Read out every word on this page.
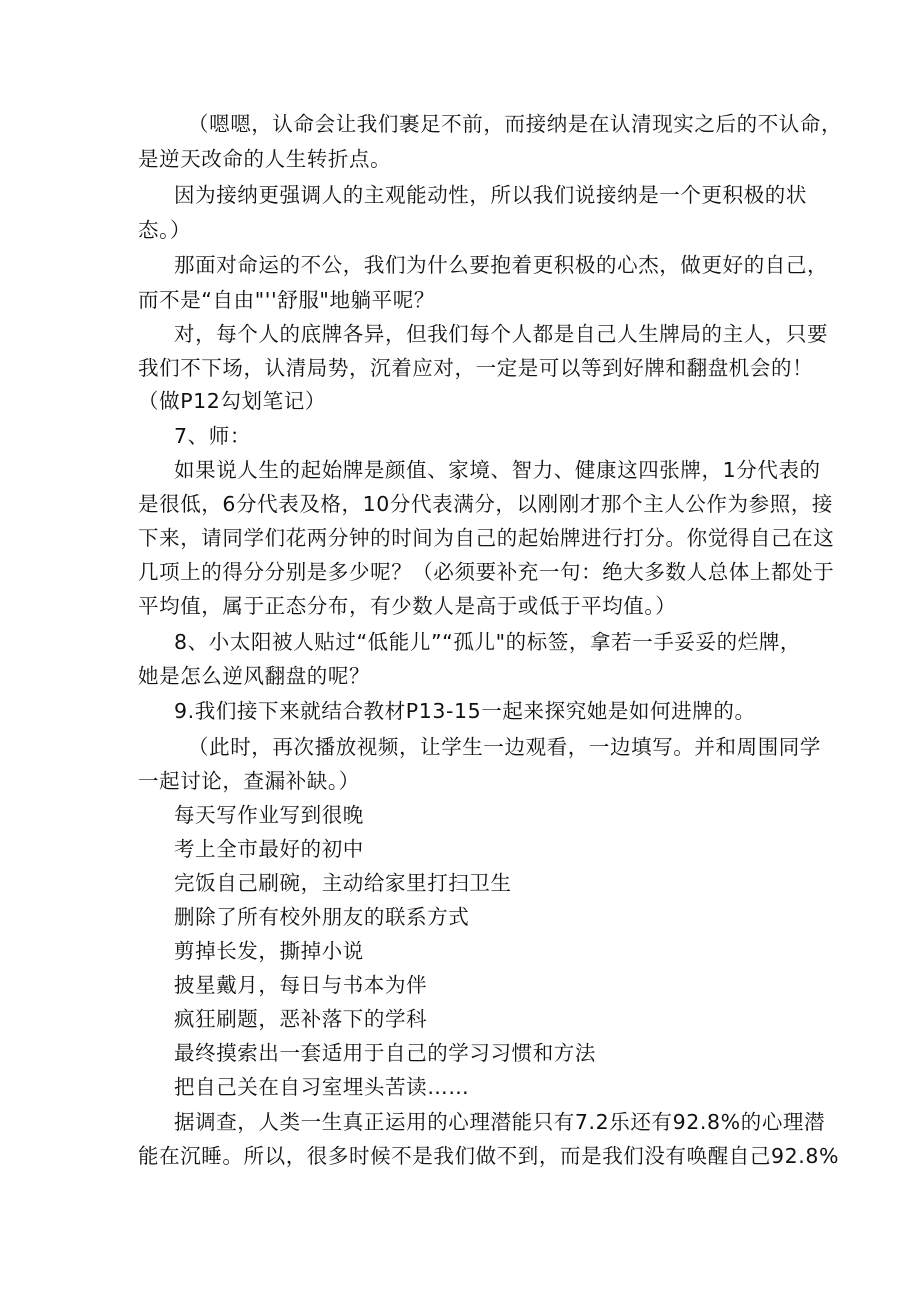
（嗯嗯，认命会让我们裹足不前，而接纳是在认清现实之后的不认命，
是逆天改命的人生转折点。
因为接纳更强调人的主观能动性，所以我们说接纳是一个更积极的状
态。）
那面对命运的不公，我们为什么要抱着更积极的心杰，做更好的自己，
而不是“自由"''舒服"地躺平呢？
对，每个人的底牌各异，但我们每个人都是自己人生牌局的主人，只要
我们不下场，认清局势，沉着应对，一定是可以等到好牌和翻盘机会的！
（做P12勾划笔记）
7、师：
如果说人生的起始牌是颜值、家境、智力、健康这四张牌，1分代表的
是很低，6分代表及格，10分代表满分，以刚刚才那个主人公作为参照，接
下来，请同学们花两分钟的时间为自己的起始牌进行打分。你觉得自己在这
几项上的得分分别是多少呢？（必须要补充一句：绝大多数人总体上都处于
平均值，属于正态分布，有少数人是高于或低于平均值。）
8、小太阳被人贴过“低能儿”“孤儿"的标签，拿若一手妥妥的烂牌，
她是怎么逆风翻盘的呢？
9.我们接下来就结合教材P13-15一起来探究她是如何进牌的。
（此时，再次播放视频，让学生一边观看，一边填写。并和周围同学
一起讨论，查漏补缺。）
每天写作业写到很晚
考上全市最好的初中
完饭自己刷碗，主动给家里打扫卫生
删除了所有校外朋友的联系方式
剪掉长发，撕掉小说
披星戴月，每日与书本为伴
疯狂刷题，恶补落下的学科
最终摸索出一套适用于自己的学习习惯和方法
把自己关在自习室埋头苦读……
据调查，人类一生真正运用的心理潜能只有7.2乐还有92.8%的心理潜
能在沉睡。所以，很多时候不是我们做不到，而是我们没有唤醒自己92.8%
